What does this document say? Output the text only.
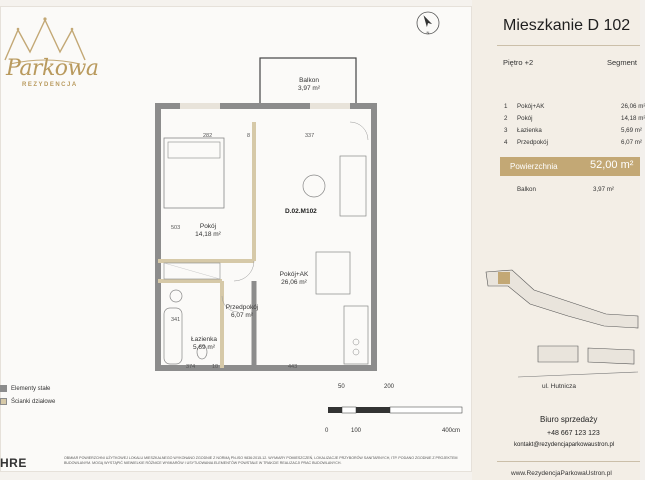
Parkowa
REZYDENCJA
N
Balkon
3,97 m²
Pokój
14,18 m²
Pokój+AK
26,06 m²
Przedpokój
6,07 m²
Łazienka
5,69 m²
D.02.M102
282	8	337
503
341
374	10	443
Elementy stałe
Ścianki działowe
50	200
0	100	400cm
HRE	OBMIAR POWIERZCHNI UŻYTKOWEJ LOKALU MIESZKALNEGO WYKONANO ZGODNIE Z NORMĄ PN-ISO 9836:2015-12. WYMIARY POMIESZCZEŃ, LOKALIZACJE PRZYBORÓW SANITARNYCH, ITP. PODANO ZGODNIE Z PROJEKTEM BUDOWLANYM. MOGĄ WYSTĄPIĆ NIEWIELKIE RÓŻNICE WYMIARÓW I USYTUOWANIA ELEMENTÓW POWSTAŁE W TRAKCIE REALIZACJI PRAC BUDOWLANYCH.
Mieszkanie D 102
Piętro +2	Segment
1 Pokój+AK	26,06 m²
2 Pokój	14,18 m²
3 Łazienka	5,69 m²
4 Przedpokój	6,07 m²
Powierzchnia	52,00 m²
Balkon	3,97 m²
ul. Hutnicza
Biuro sprzedaży
+48 667 123 123
kontakt@rezydencjaparkowaustron.pl
www.RezydencjaParkowaUstron.pl
